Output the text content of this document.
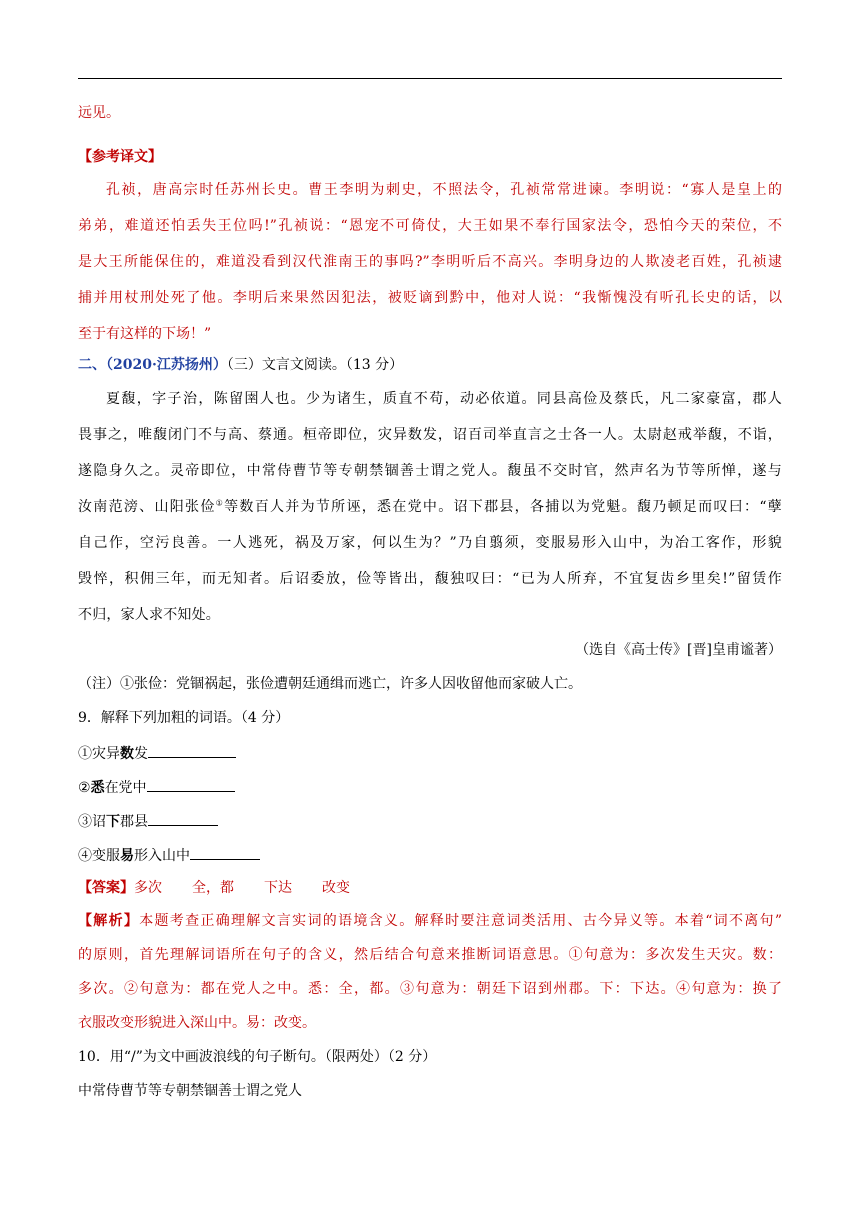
远见。
【参考译文】
孔祯，唐高宗时任苏州长史。曹王李明为刺史，不照法令，孔祯常常进谏。李明说：“寡人是皇上的
弟弟，难道还怕丢失王位吗!”孔祯说：“恩宠不可倚仗，大王如果不奉行国家法令，恐怕今天的荣位，不
是大王所能保住的，难道没看到汉代淮南王的事吗?”李明听后不高兴。李明身边的人欺凌老百姓，孔祯逮
捕并用杖刑处死了他。李明后来果然因犯法，被贬谪到黔中，他对人说：“我惭愧没有听孔长史的话，以
至于有这样的下场！”
二、（2020·江苏扬州）（三）文言文阅读。（13 分）
夏馥，字子治，陈留圉人也。少为诸生，质直不苟，动必依道。同县高俭及蔡氏，凡二家豪富，郡人
畏事之，唯馥闭门不与高、蔡通。桓帝即位，灾异数发，诏百司举直言之士各一人。太尉赵戒举馥，不诣，
遂隐身久之。灵帝即位，中常侍曹节等专朝禁锢善士谓之党人。馥虽不交时官，然声名为节等所惮，遂与
汝南范滂、山阳张俭①等数百人并为节所诬，悉在党中。诏下郡县，各捕以为党魁。馥乃顿足而叹曰：“孽
自己作，空污良善。一人逃死，祸及万家，何以生为？”乃自翦须，变服易形入山中，为冶工客作，形貌
毁悴，积佣三年，而无知者。后诏委放，俭等皆出，馥独叹曰：“已为人所弃，不宜复齿乡里矣!”留赁作
不归，家人求不知处。
（选自《高士传》[晋]皇甫谧著）
（注）①张俭：党锢祸起，张俭遭朝廷通缉而逃亡，许多人因收留他而家破人亡。
9．解释下列加粗的词语。（4 分）
①灾异数发
②悉在党中
③诏下郡县
④变服易形入山中
【答案】多次 全，都 下达 改变
【解析】本题考查正确理解文言实词的语境含义。解释时要注意词类活用、古今异义等。本着“词不离句”
的原则，首先理解词语所在句子的含义，然后结合句意来推断词语意思。①句意为：多次发生天灾。数：
多次。②句意为：都在党人之中。悉：全，都。③句意为：朝廷下诏到州郡。下：下达。④句意为：换了
衣服改变形貌进入深山中。易：改变。
10．用“/”为文中画波浪线的句子断句。（限两处）（2 分）
中常侍曹节等专朝禁锢善士谓之党人
